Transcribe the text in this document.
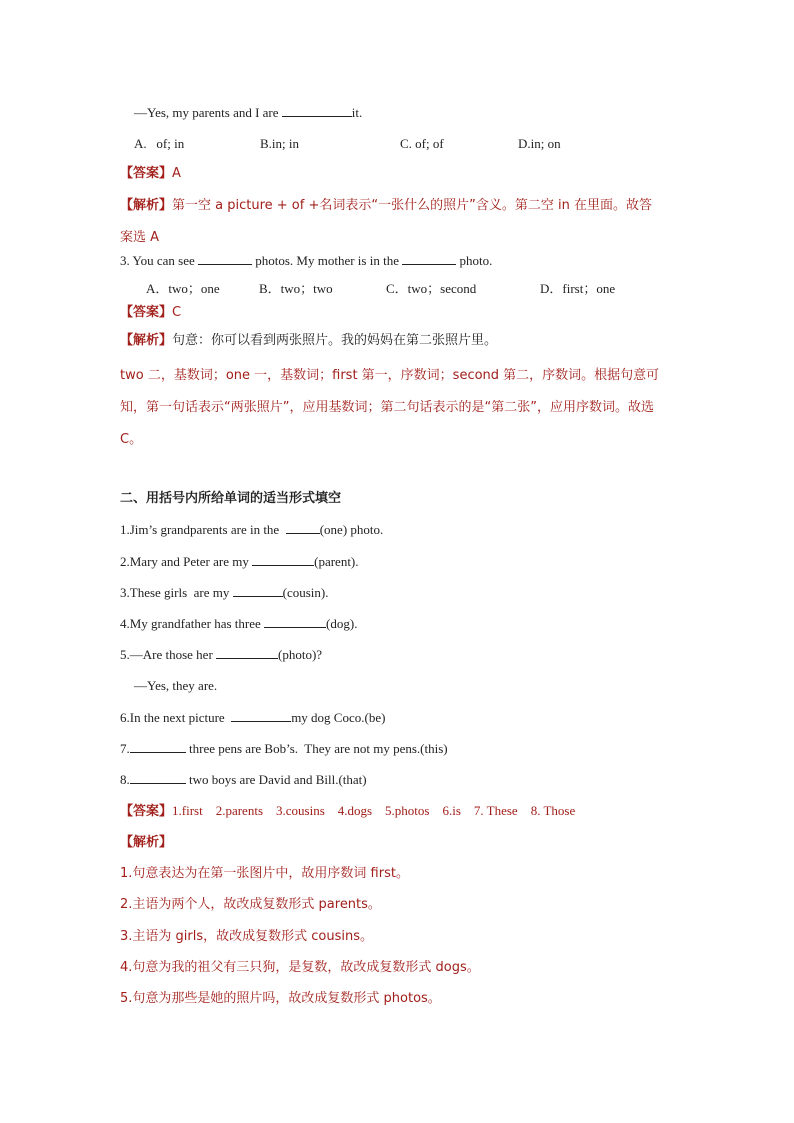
—Yes, my parents and I are	it.
A.   of; in	B.in; in	C. of; of	D.in; on
【答案】A
【解析】第一空 a picture + of +名词表示“一张什么的照片”含义。第二空 in 在里面。故答
案选 A
3. You can see	photos. My mother is in the	photo.
A．two；one	B．two；two	C．two；second	D．first；one
【答案】C
【解析】句意：你可以看到两张照片。我的妈妈在第二张照片里。
two 二，基数词；one 一，基数词；first 第一，序数词；second 第二，序数词。根据句意可知，第一句话表示“两张照片”，应用基数词；第二句话表示的是“第二张”，应用序数词。故选 C。
二、用括号内所给单词的适当形式填空
1.Jim’s grandparents are in the	(one) photo.
2.Mary and Peter are my	(parent).
3.These girls  are my	(cousin).
4.My grandfather has three	(dog).
5.—Are those her	(photo)?
—Yes, they are.
6.In the next picture	my dog Coco.(be)
7.	three pens are Bob’s.  They are not my pens.(this)
8.	two boys are David and Bill.(that)
【答案】1.first    2.parents    3.cousins    4.dogs    5.photos    6.is    7. These    8. Those
【解析】
1.句意表达为在第一张图片中，故用序数词 first。
2.主语为两个人，故改成复数形式 parents。
3.主语为 girls，故改成复数形式 cousins。
4.句意为我的祖父有三只狗，是复数，故改成复数形式 dogs。
5.句意为那些是她的照片吗，故改成复数形式 photos。
